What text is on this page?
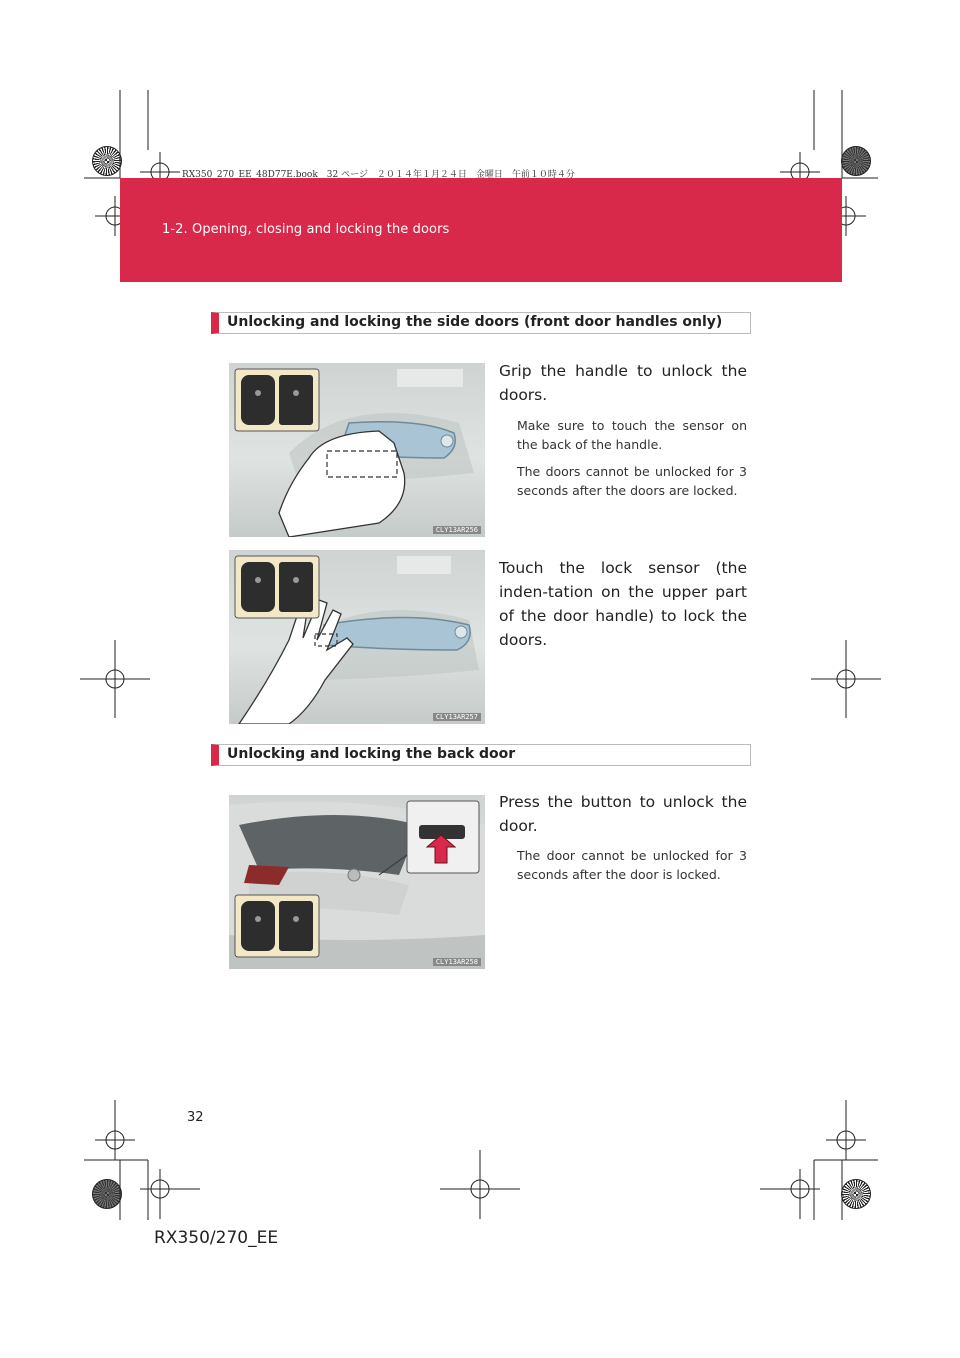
RX350_270_EE_48D77E.book　32 ページ　２０１４年１月２４日　金曜日　午前１０時４分
1-2. Opening, closing and locking the doors
Unlocking and locking the side doors (front door handles only)
CLY13AR256
Grip the handle to unlock the doors.
Make sure to touch the sensor on the back of the handle.
The doors cannot be unlocked for 3 seconds after the doors are locked.
CLY13AR257
Touch the lock sensor (the inden-tation on the upper part of the door handle) to lock the doors.
Unlocking and locking the back door
CLY13AR258
Press the button to unlock the door.
The door cannot be unlocked for 3 seconds after the door is locked.
32
RX350/270_EE
